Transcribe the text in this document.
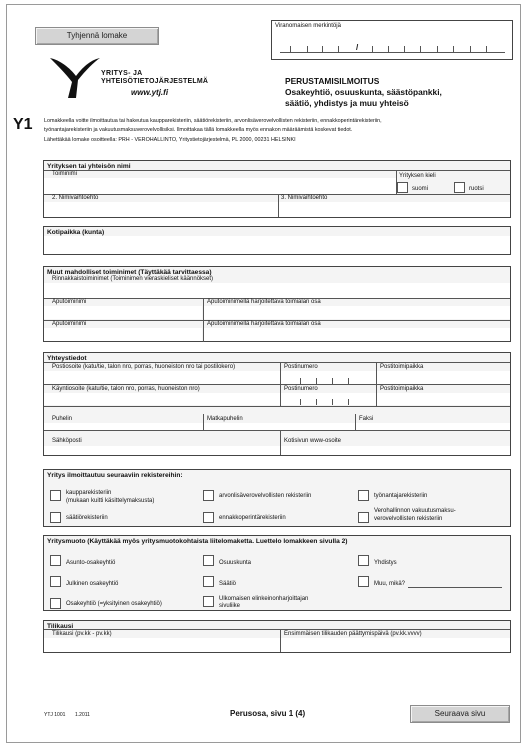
Tyhjennä lomake
Viranomaisen merkintöjä
/
YRITYS- JA
YHTEISÖTIETOJÄRJESTELMÄ
www.ytj.fi
Y1
PERUSTAMISILMOITUS
Osakeyhtiö, osuuskunta, säästöpankki,
säätiö, yhdistys ja muu yhteisö
Lomakkeella voitte ilmoittautua tai hakeutua kaupparekisteriin, säätiörekisteriin, arvonlisäverovelvollisten rekisteriin, ennakkoperintärekisteriin,
työnantajarekisteriin ja vakuutusmaksuverovelvollisiksi. Ilmoittakaa tällä lomakkeella myös ennakon määräämistä koskevat tiedot.
Lähettäkää lomake osoitteella: PRH - VEROHALLINTO, Yritystietojärjestelmä, PL 2000, 00231 HELSINKI
Yrityksen tai yhteisön nimi
Toiminimi	Yrityksen kieli
suomi	ruotsi
2. Nimivaihtoehto	3. Nimivaihtoehto
Kotipaikka (kunta)
Muut mahdolliset toiminimet (Täyttäkää tarvittaessa)
Rinnakkaistoiminimet (Toiminimen vieraskieliset käännökset)
Aputoiminimi	Aputoiminimellä harjoitettava toimialan osa
Aputoiminimi	Aputoiminimellä harjoitettava toimialan osa
Yhteystiedot
Postiosoite (katu/tie, talon nro, porras, huoneiston nro tai postilokero)	Postinumero	Postitoimipaikka
Käyntiosoite (katu/tie, talon nro, porras, huoneiston nro)	Postinumero	Postitoimipaikka
Puhelin	Matkapuhelin	Faksi
Sähköposti	Kotisivun www-osoite
Yritys ilmoittautuu seuraaviin rekistereihin:
kaupparekisteriin
(mukaan kuitti käsittelymaksusta)
arvonlisäverovelvollisten rekisteriin	työnantajarekisteriin
säätiörekisteriin	ennakkoperintärekisteriin
Verohallinnon vakuutusmaksu-
verovelvollisten rekisteriin
Yritysmuoto (Käyttäkää myös yritysmuotokohtaista liitelomaketta. Luettelo lomakkeen sivulla 2)
Asunto-osakeyhtiö	Osuuskunta	Yhdistys
Julkinen osakeyhtiö	Säätiö	Muu, mikä?
Osakeyhtiö (=yksityinen osakeyhtiö)
Ulkomaisen elinkeinonharjoittajan
sivuliike
Tilikausi
Tilikausi (pv.kk - pv.kk)	Ensimmäisen tilikauden päättymispäivä (pv.kk.vvvv)
YTJ 1001 1.2011	Perusosa, sivu 1 (4)	Seuraava sivu
